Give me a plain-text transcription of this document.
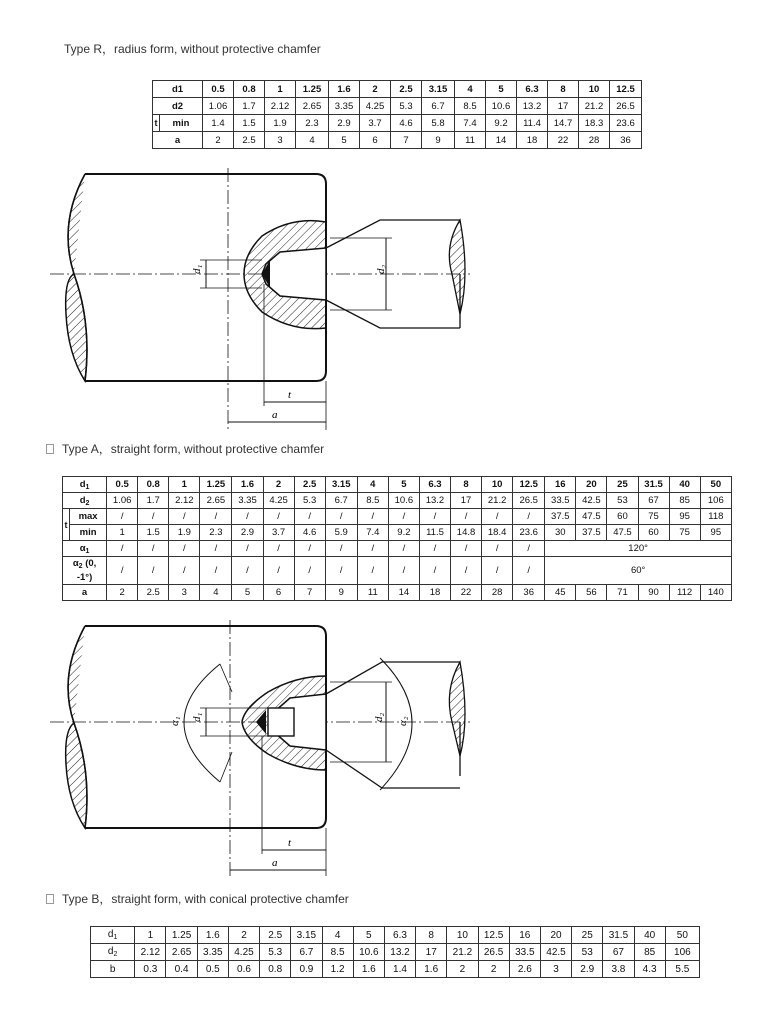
Type R，radius form, without protective chamfer
d1		0.5	0.8	1	1.25	1.6	2	2.5	3.15	4	5	6.3	8	10	12.5
d2		1.06	1.7	2.12	2.65	3.35	4.25	5.3	6.7	8.5	10.6	13.2	17	21.2	26.5
t	min	1.4	1.5	1.9	2.3	2.9	3.7	4.6	5.8	7.4	9.2	11.4	14.7	18.3	23.6
a		2	2.5	3	4	5	6	7	9	11	14	18	22	28	36
d₁	d₂
t
a
Type A，straight form, without protective chamfer
$d_1$		0.5	0.8	1	1.25	1.6	2	2.5	3.15	4	5	6.3	8	10	12.5	16	20	25	31.5	40	50
$d_2$		1.06	1.7	2.12	2.65	3.35	4.25	5.3	6.7	8.5	10.6	13.2	17	21.2	26.5	33.5	42.5	53	67	85	106
t	max	/	/	/	/	/	/	/	/	/	/	/	/	/	/	37.5	47.5	60	75	95	118
	min	1	1.5	1.9	2.3	2.9	3.7	4.6	5.9	7.4	9.2	11.5	14.8	18.4	23.6	30	37.5	47.5	60	75	95
$\alpha_1$		/	/	/	/	/	/	/	/	/	/	/	/	/	/	120°					
$\alpha_2$ (0,
-1°)		/	/	/	/	/	/	/	/	/	/	/	/	/	/	60°					
a		2	2.5	3	4	5	6	7	9	11	14	18	22	28	36	45	56	71	90	112	140
α₁ d₁	d₂ α₂
t
a
Type B，straight form, with conical protective chamfer
$d_1$	1	1.25	1.6	2	2.5	3.15	4	5	6.3	8	10	12.5	16	20	25	31.5	40	50
$d_2$	2.12	2.65	3.35	4.25	5.3	6.7	8.5	10.6	13.2	17	21.2	26.5	33.5	42.5	53	67	85	106
b	0.3	0.4	0.5	0.6	0.8	0.9	1.2	1.6	1.4	1.6	2	2	2.6	3	2.9	3.8	4.3	5.5
